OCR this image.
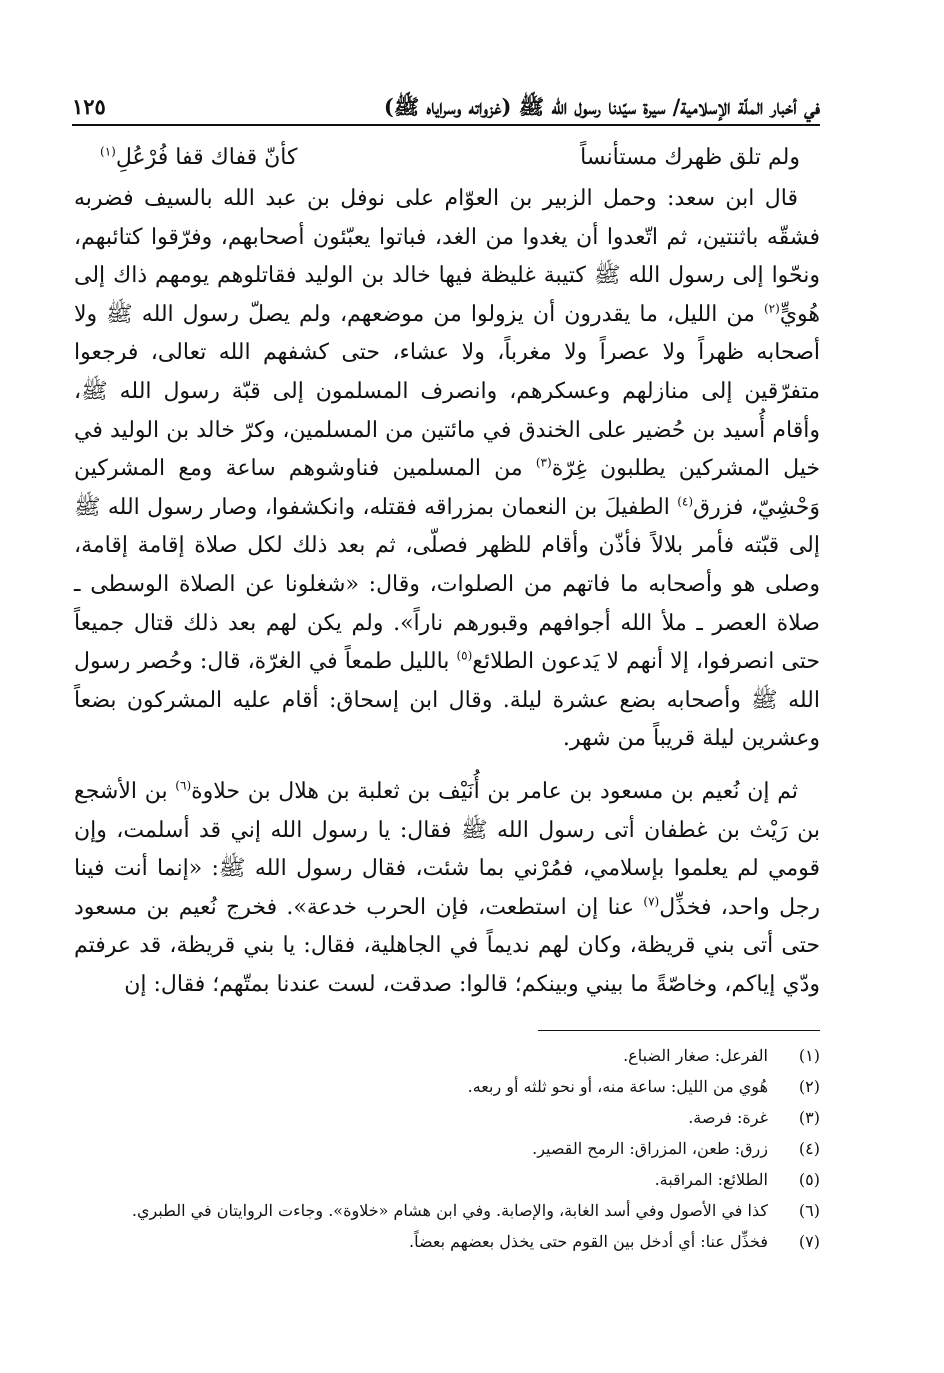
في أخبار الملّة الإسلامية/ سيرة سيّدنا رسول الله ﷺ (غزواته وسراياه ﷺ)
١٢٥
ولم تلق ظهرك مستأنساً
كأنّ قفاك قفا فُرْعُلِ$^{(١)}$

قال ابن سعد: وحمل الزبير بن العوّام على نوفل بن عبد الله بالسيف فضربه فشقّه باثنتين، ثم اتّعدوا أن يغدوا من الغد، فباتوا يعبّئون أصحابهم، وفرّقوا كتائبهم، ونحّوا إلى رسول الله ﷺ كتيبة غليظة فيها خالد بن الوليد فقاتلوهم يومهم ذاك إلى هُويٍّ$^{(٢)}$ من الليل، ما يقدرون أن يزولوا من موضعهم، ولم يصلّ رسول الله ﷺ ولا أصحابه ظهراً ولا عصراً ولا مغرباً، ولا عشاء، حتى كشفهم الله تعالى، فرجعوا متفرّقين إلى منازلهم وعسكرهم، وانصرف المسلمون إلى قبّة رسول الله ﷺ، وأقام أُسيد بن حُضير على الخندق في مائتين من المسلمين، وكرّ خالد بن الوليد في خيل المشركين يطلبون غِرّة$^{(٣)}$ من المسلمين فناوشوهم ساعة ومع المشركين وَحْشِيّ، فزرق$^{(٤)}$ الطفيلَ بن النعمان بمزراقه فقتله، وانكشفوا، وصار رسول الله ﷺ إلى قبّته فأمر بلالاً فأذّن وأقام للظهر فصلّى، ثم بعد ذلك لكل صلاة إقامة إقامة، وصلى هو وأصحابه ما فاتهم من الصلوات، وقال: «شغلونا عن الصلاة الوسطى ـ صلاة العصر ـ ملأ الله أجوافهم وقبورهم ناراً». ولم يكن لهم بعد ذلك قتال جميعاً حتى انصرفوا، إلا أنهم لا يَدعون الطلائع$^{(٥)}$ بالليل طمعاً في الغرّة، قال: وحُصر رسول الله ﷺ وأصحابه بضع عشرة ليلة. وقال ابن إسحاق: أقام عليه المشركون بضعاً وعشرين ليلة قريباً من شهر.

ثم إن نُعيم بن مسعود بن عامر بن أُنَيْف بن ثعلبة بن هلال بن حلاوة$^{(٦)}$ بن الأشجع بن رَيْث بن غطفان أتى رسول الله ﷺ فقال: يا رسول الله إني قد أسلمت، وإن قومي لم يعلموا بإسلامي، فمُرْني بما شئت، فقال رسول الله ﷺ: «إنما أنت فينا رجل واحد، فخذِّل$^{(٧)}$ عنا إن استطعت، فإن الحرب خدعة». فخرج نُعيم بن مسعود حتى أتى بني قريظة، وكان لهم نديماً في الجاهلية، فقال: يا بني قريظة، قد عرفتم ودّي إياكم، وخاصّةً ما بيني وبينكم؛ قالوا: صدقت، لست عندنا بمتّهم؛ فقال: إن

(١)
الفرعل: صغار الضباع.
(٢)
هُوي من الليل: ساعة منه، أو نحو ثلثه أو ربعه.
(٣)
غرة: فرصة.
(٤)
زرق: طعن، المزراق: الرمح القصير.
(٥)
الطلائع: المراقبة.
(٦)
كذا في الأصول وفي أسد الغابة، والإصابة. وفي ابن هشام «خلاوة». وجاءت الروايتان في الطبري.
(٧)
فخذِّل عنا: أي أدخل بين القوم حتى يخذل بعضهم بعضاً.
